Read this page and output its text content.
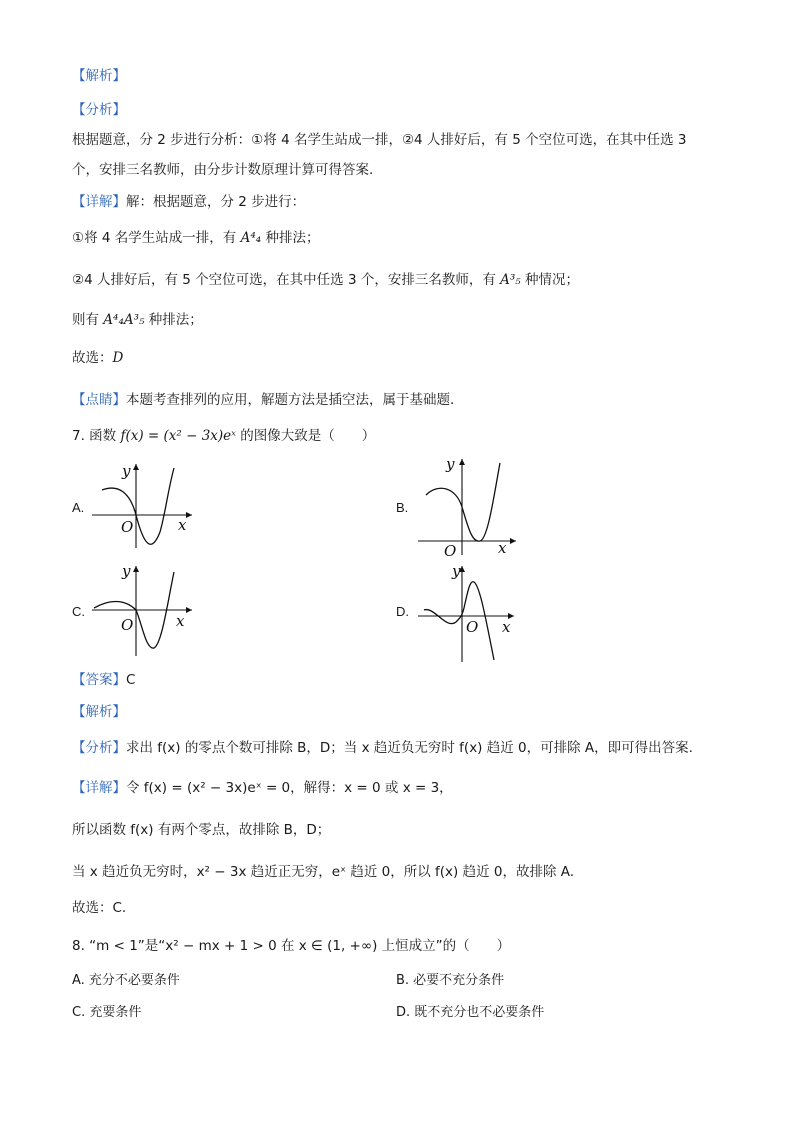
【解析】
【分析】
根据题意，分 2 步进行分析：①将 4 名学生站成一排，②4 人排好后，有 5 个空位可选，在其中任选 3
个，安排三名教师，由分步计数原理计算可得答案.
【详解】解：根据题意，分 2 步进行：
①将 4 名学生站成一排，有 A⁴₄ 种排法；
②4 人排好后，有 5 个空位可选，在其中任选 3 个，安排三名教师，有 A³₅ 种情况；
则有 A⁴₄A³₅ 种排法；
故选：D
【点睛】本题考查排列的应用，解题方法是插空法，属于基础题．
7. 函数 f(x) = (x² − 3x)eˣ 的图像大致是（　　）
A.
y
x
O
B.
y
x
O
C.
y
x
O
D.
y
x
O
【答案】C
【解析】
【分析】求出 f(x) 的零点个数可排除 B，D；当 x 趋近负无穷时 f(x) 趋近 0，可排除 A，即可得出答案.
【详解】令 f(x) = (x² − 3x)eˣ = 0，解得：x = 0 或 x = 3，
所以函数 f(x) 有两个零点，故排除 B，D；
当 x 趋近负无穷时，x² − 3x 趋近正无穷，eˣ 趋近 0，所以 f(x) 趋近 0，故排除 A.
故选：C.
8. “m < 1”是“x² − mx + 1 > 0 在 x ∈ (1, +∞) 上恒成立”的（　　）
A. 充分不必要条件	B. 必要不充分条件
C. 充要条件	D. 既不充分也不必要条件
